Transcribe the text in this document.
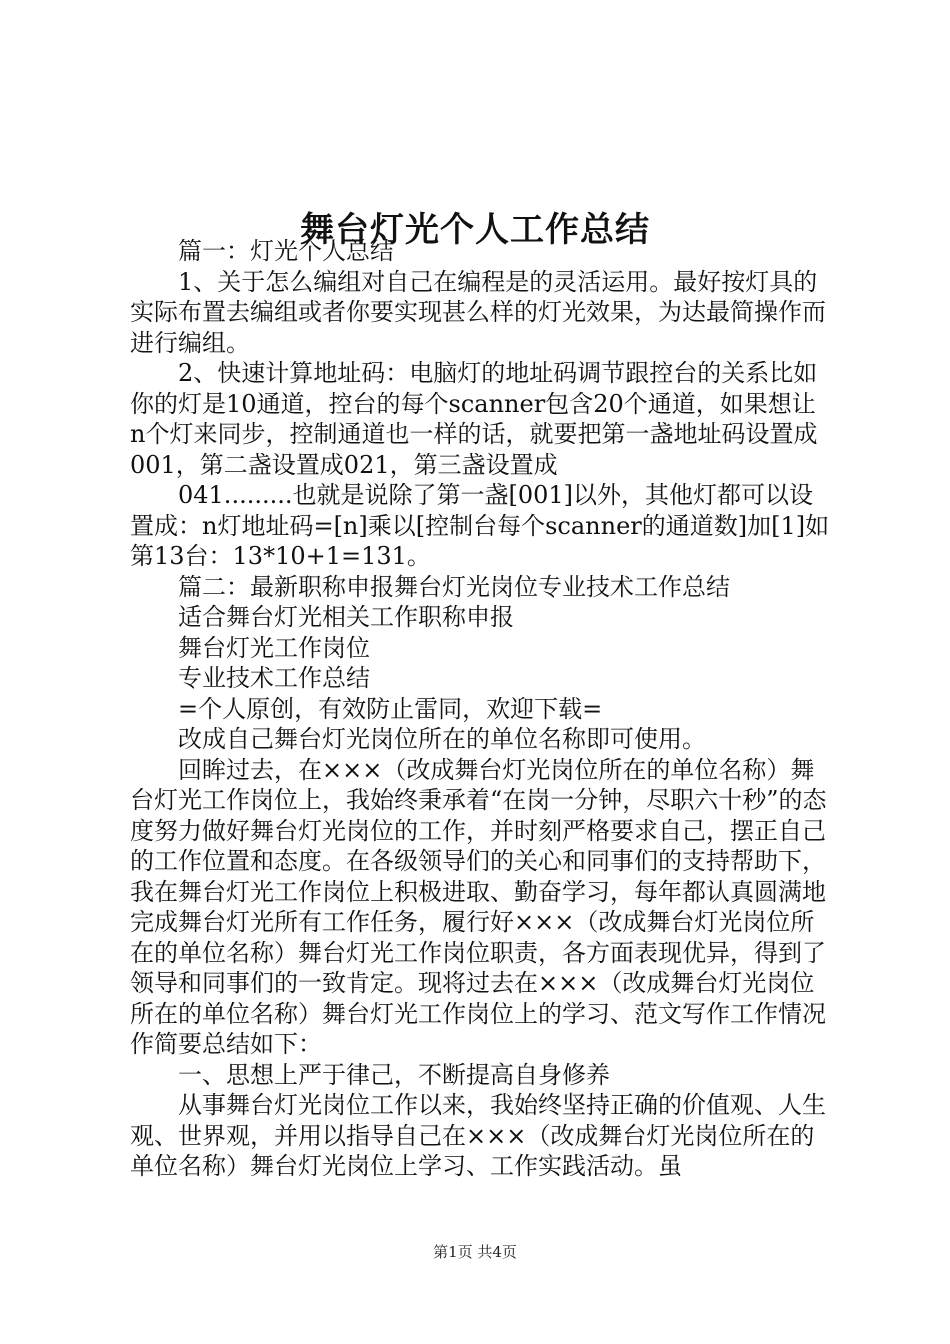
舞台灯光个人工作总结

篇一：灯光个人总结

1、关于怎么编组对自己在编程是的灵活运用。最好按灯具的实际布置去编组或者你要实现甚么样的灯光效果，为达最简操作而进行编组。

2、快速计算地址码：电脑灯的地址码调节跟控台的关系比如你的灯是10通道，控台的每个scanner包含20个通道，如果想让n个灯来同步，控制通道也一样的话，就要把第一盏地址码设置成001，第二盏设置成021，第三盏设置成

041.........也就是说除了第一盏[001]以外，其他灯都可以设置成：n灯地址码=[n]乘以[控制台每个scanner的通道数]加[1]如第13台：13*10+1=131。

篇二：最新职称申报舞台灯光岗位专业技术工作总结

适合舞台灯光相关工作职称申报

舞台灯光工作岗位

专业技术工作总结

=个人原创，有效防止雷同，欢迎下载=

改成自己舞台灯光岗位所在的单位名称即可使用。

回眸过去，在×××（改成舞台灯光岗位所在的单位名称）舞台灯光工作岗位上，我始终秉承着“在岗一分钟，尽职六十秒”的态度努力做好舞台灯光岗位的工作，并时刻严格要求自己，摆正自己的工作位置和态度。在各级领导们的关心和同事们的支持帮助下，我在舞台灯光工作岗位上积极进取、勤奋学习，每年都认真圆满地完成舞台灯光所有工作任务，履行好×××（改成舞台灯光岗位所在的单位名称）舞台灯光工作岗位职责，各方面表现优异，得到了领导和同事们的一致肯定。现将过去在×××（改成舞台灯光岗位所在的单位名称）舞台灯光工作岗位上的学习、范文写作工作情况作简要总结如下：

一、思想上严于律己，不断提高自身修养

从事舞台灯光岗位工作以来，我始终坚持正确的价值观、人生观、世界观，并用以指导自己在×××（改成舞台灯光岗位所在的单位名称）舞台灯光岗位上学习、工作实践活动。虽

第1页 共4页
